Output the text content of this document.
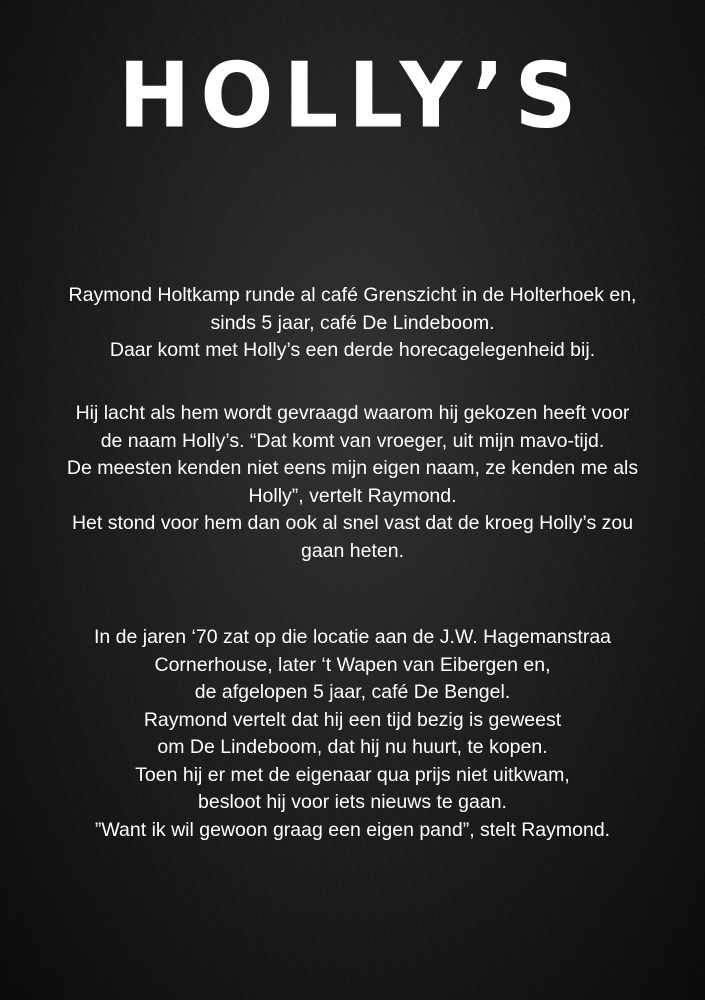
HOLLY’S
Raymond Holtkamp runde al café Grenszicht in de Holterhoek en,
sinds 5 jaar, café De Lindeboom.
Daar komt met Holly’s een derde horecagelegenheid bij.
Hij lacht als hem wordt gevraagd waarom hij gekozen heeft voor
de naam Holly’s. “Dat komt van vroeger, uit mijn mavo-tijd.
De meesten kenden niet eens mijn eigen naam, ze kenden me als
Holly”, vertelt Raymond.
Het stond voor hem dan ook al snel vast dat de kroeg Holly’s zou
gaan heten.
In de jaren ‘70 zat op die locatie aan de J.W. Hagemanstraa
Cornerhouse, later ‘t Wapen van Eibergen en,
de afgelopen 5 jaar, café De Bengel.
Raymond vertelt dat hij een tijd bezig is geweest
om De Lindeboom, dat hij nu huurt, te kopen.
Toen hij er met de eigenaar qua prijs niet uitkwam,
besloot hij voor iets nieuws te gaan.
”Want ik wil gewoon graag een eigen pand”, stelt Raymond.
